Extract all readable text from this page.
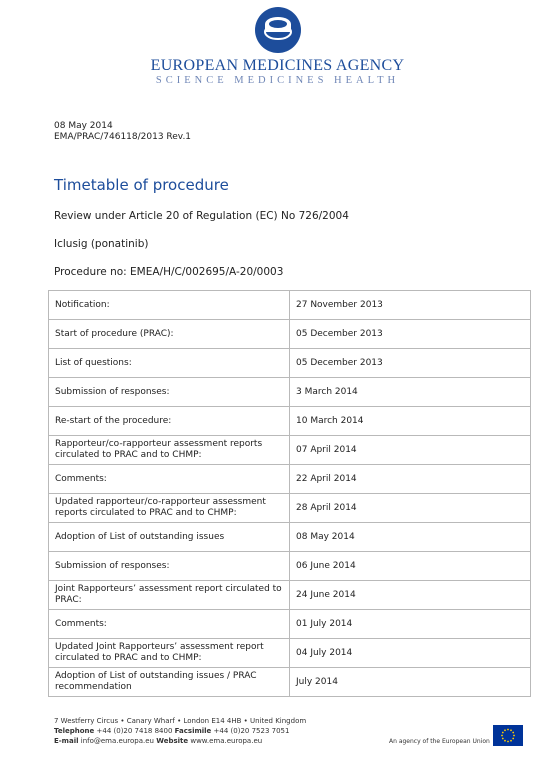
EUROPEAN MEDICINES AGENCY
SCIENCE MEDICINES HEALTH
08 May 2014
EMA/PRAC/746118/2013 Rev.1
Timetable of procedure
Review under Article 20 of Regulation (EC) No 726/2004
Iclusig (ponatinib)
Procedure no: EMEA/H/C/002695/A-20/0003
Notification:	27 November 2013
Start of procedure (PRAC):	05 December 2013
List of questions:	05 December 2013
Submission of responses:	3 March 2014
Re-start of the procedure:	10 March 2014
Rapporteur/co-rapporteur assessment reports circulated to PRAC and to CHMP:	07 April 2014
Comments:	22 April 2014
Updated rapporteur/co-rapporteur assessment reports circulated to PRAC and to CHMP:	28 April 2014
Adoption of List of outstanding issues	08 May 2014
Submission of responses:	06 June 2014
Joint Rapporteurs’ assessment report circulated to PRAC:	24 June 2014
Comments:	01 July 2014
Updated Joint Rapporteurs’ assessment report circulated to PRAC and to CHMP:	04 July 2014
Adoption of List of outstanding issues / PRAC recommendation	July 2014
7 Westferry Circus • Canary Wharf • London E14 4HB • United Kingdom
Telephone +44 (0)20 7418 8400 Facsimile +44 (0)20 7523 7051
E-mail info@ema.europa.eu Website www.ema.europa.eu	An agency of the European Union
